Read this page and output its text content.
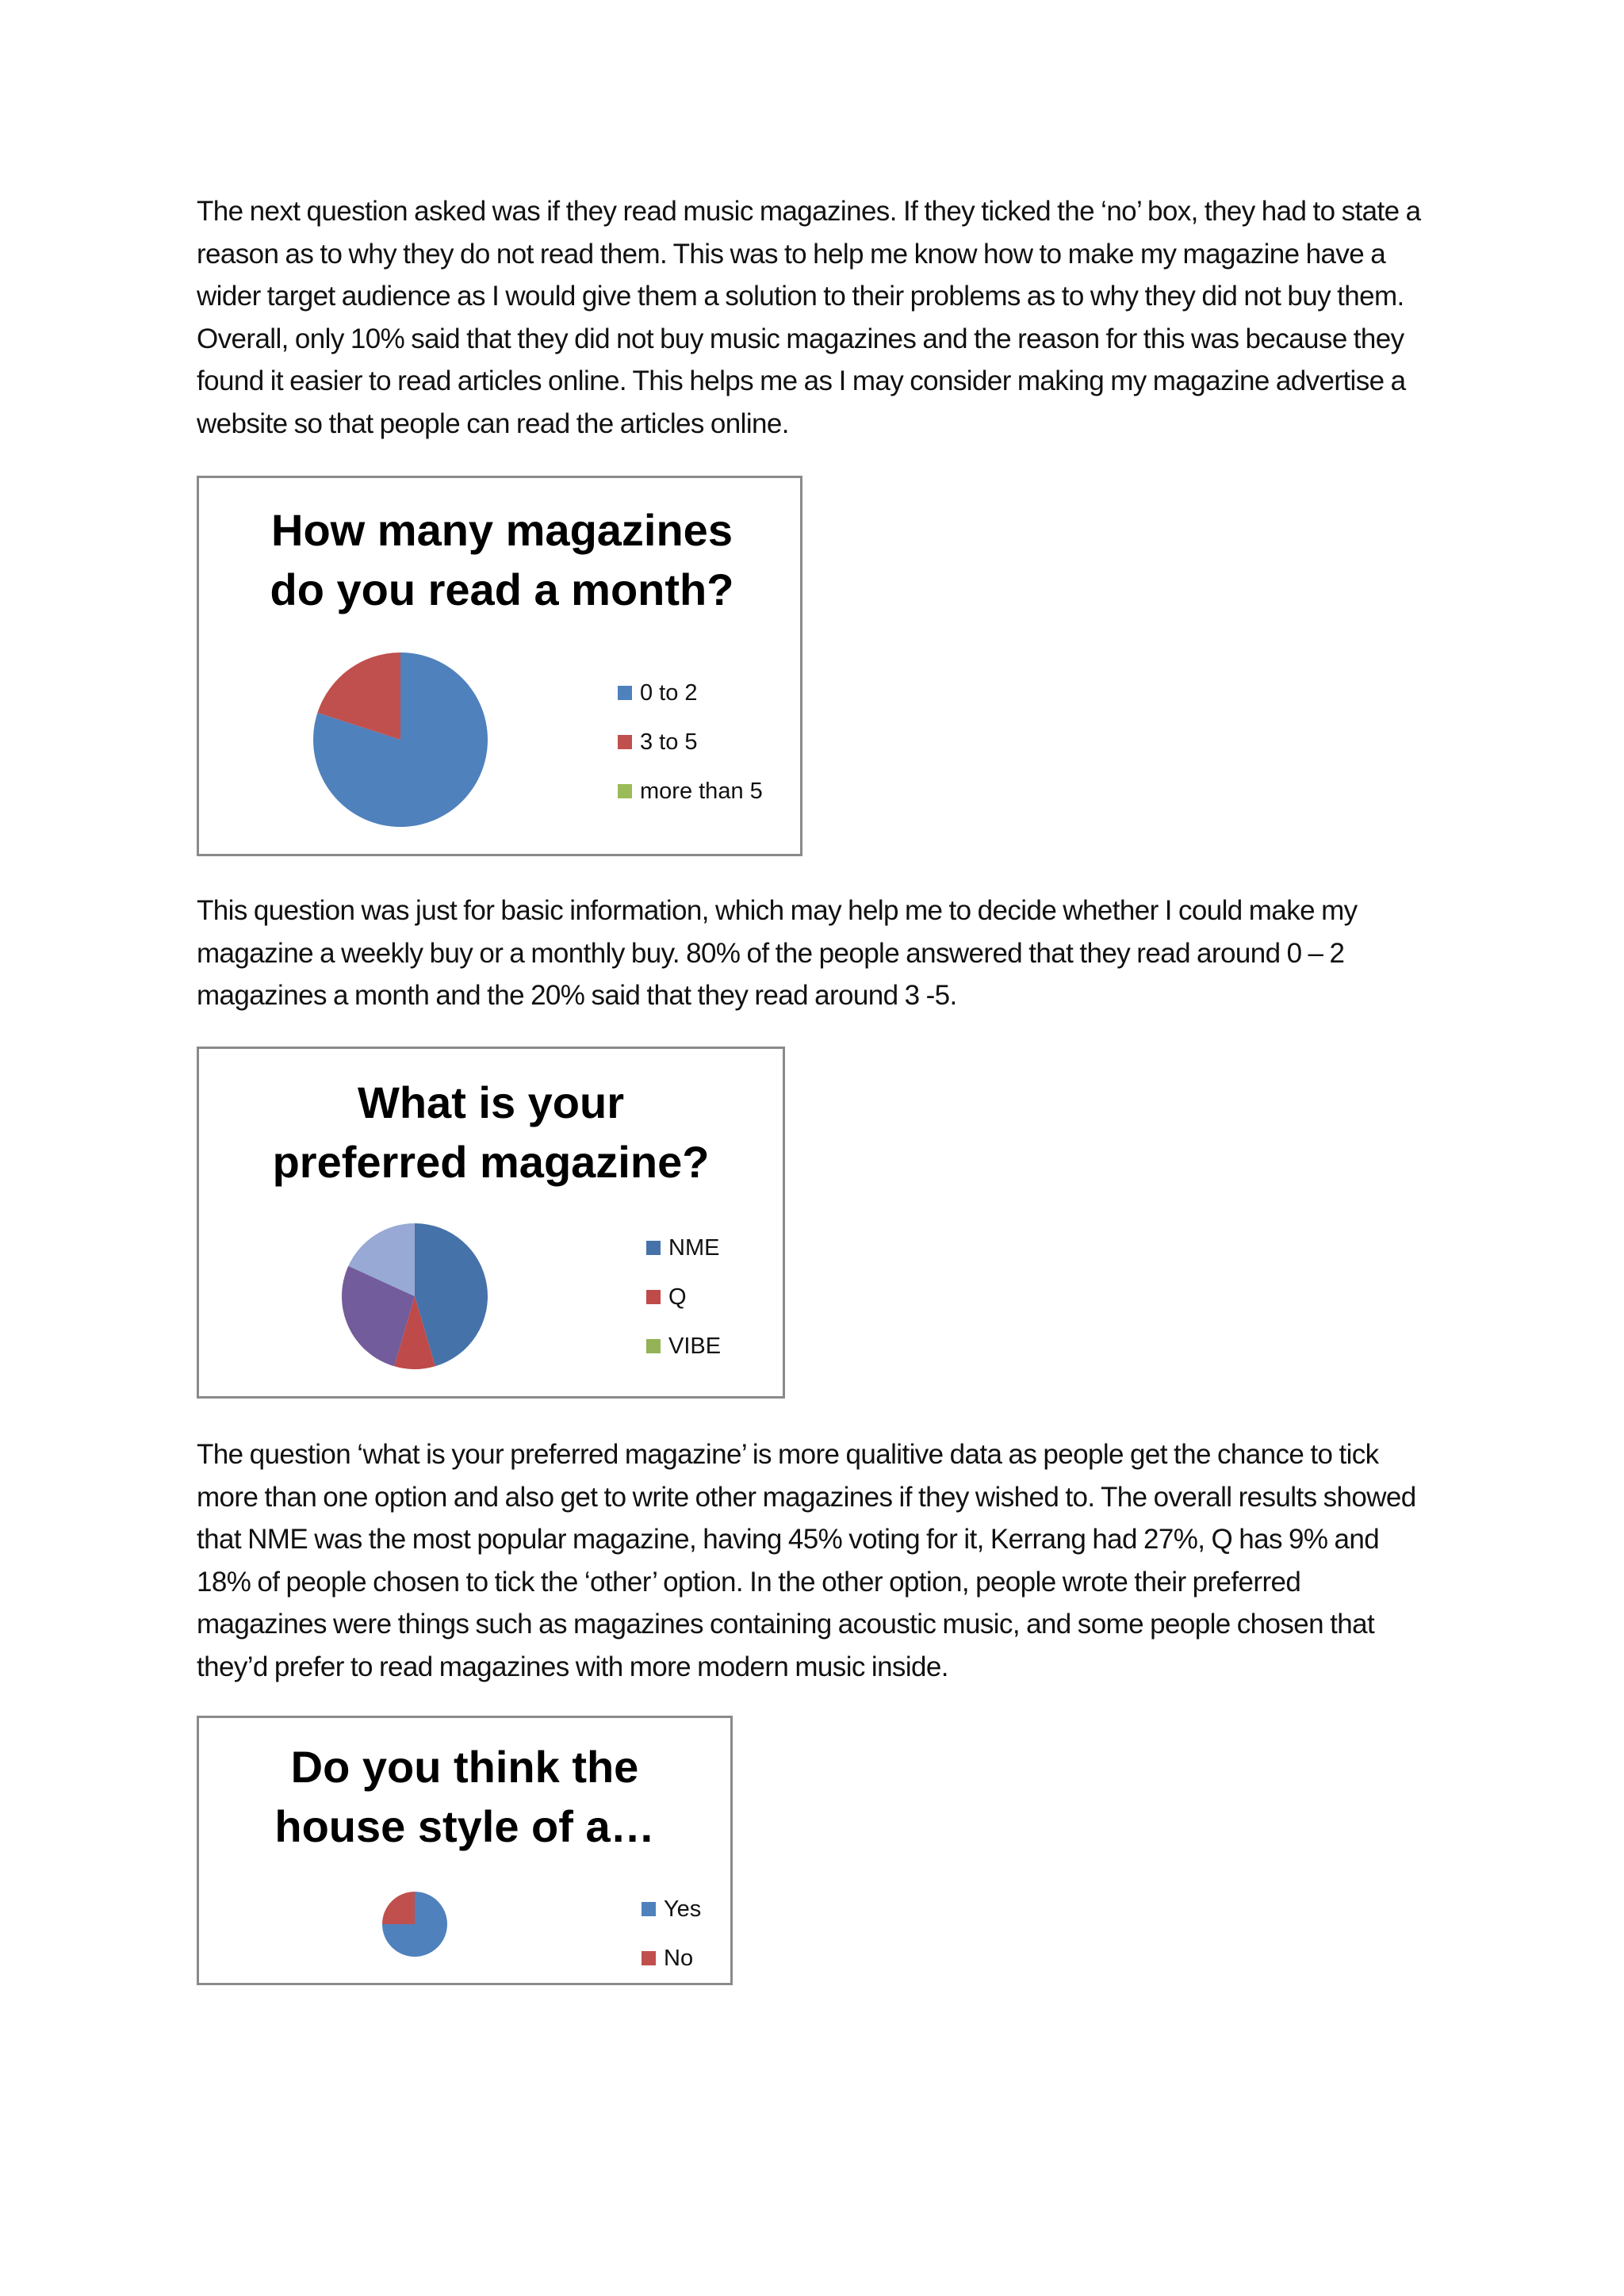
The next question asked was if they read music magazines. If they ticked the ‘no’ box, they had to state a reason as to why they do not read them. This was to help me know how to make my magazine have a wider target audience as I would give them a solution to their problems as to why they did not buy them. Overall, only 10% said that they did not buy music magazines and the reason for this was because they found it easier to read articles online. This helps me as I may consider making my magazine advertise a website so that people can read the articles online.

How many magazines
do you read a month?
0 to 2
3 to 5
more than 5

This question was just for basic information, which may help me to decide whether I could make my magazine a weekly buy or a monthly buy. 80% of the people answered that they read around 0 – 2 magazines a month and the 20% said that they read around 3 -5.

What is your
preferred magazine?
NME
Q
VIBE

The question ‘what is your preferred magazine’ is more qualitive data as people get the chance to tick more than one option and also get to write other magazines if they wished to. The overall results showed that NME was the most popular magazine, having 45% voting for it, Kerrang had 27%, Q has 9% and 18% of people chosen to tick the ‘other’ option. In the other option, people wrote their preferred magazines were things such as magazines containing acoustic music, and some people chosen that they’d prefer to read magazines with more modern music inside.

Do you think the
house style of a…
Yes
No
